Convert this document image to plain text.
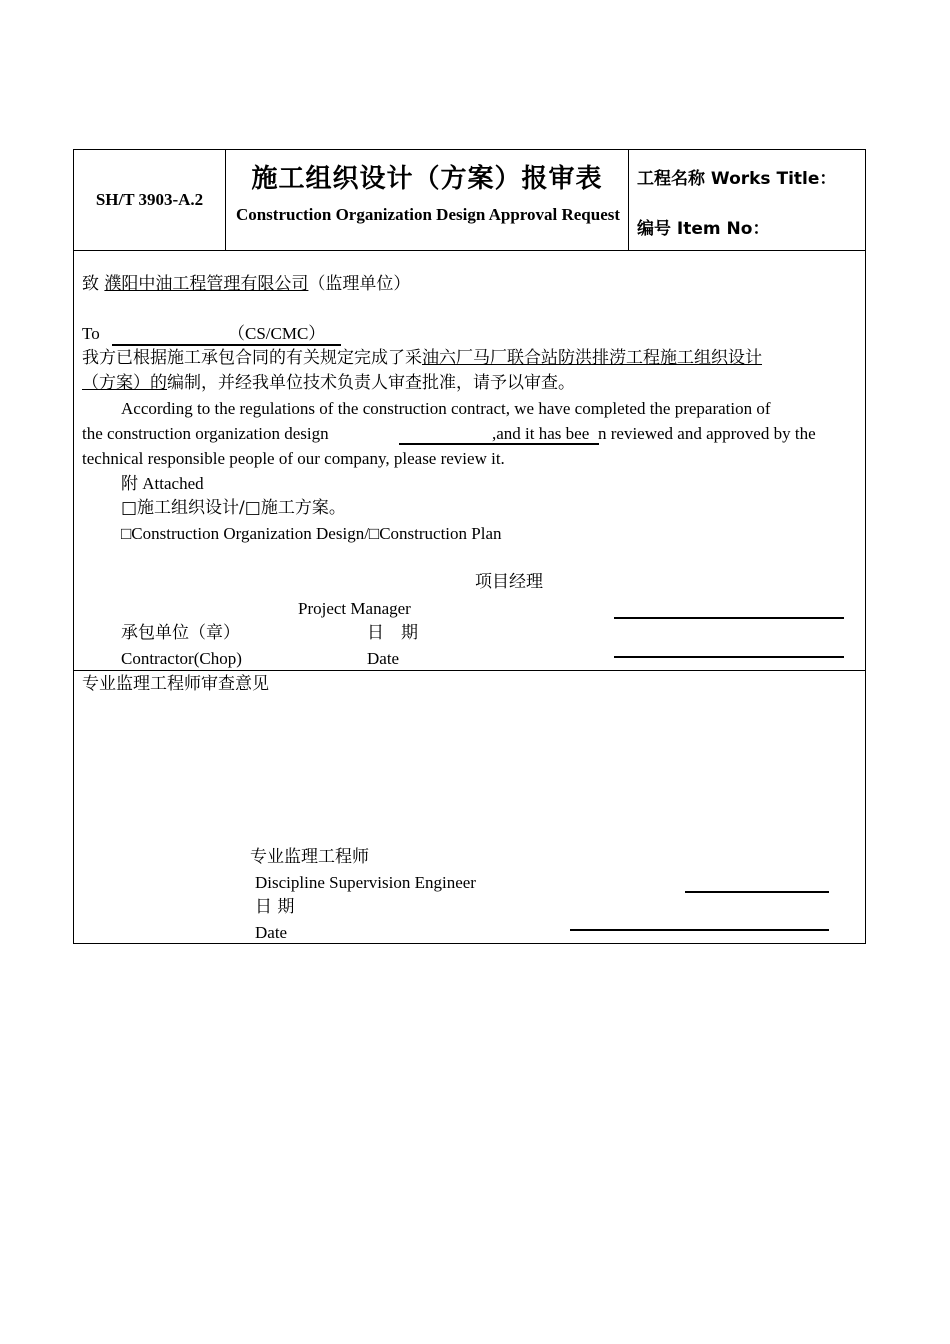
SH/T 3903-A.2
施工组织设计（方案）报审表
Construction Organization Design Approval Request
工程名称 Works Title：
编号 Item No：
致 濮阳中油工程管理有限公司（监理单位）
To	（CS/CMC）
我方已根据施工承包合同的有关规定完成了采油六厂马厂联合站防洪排涝工程施工组织设计
（方案）的编制，并经我单位技术负责人审查批准，请予以审查。
According to the regulations of the construction contract, we have completed the preparation of
the construction organization design	,and it has bee n reviewed and approved by the
technical responsible people of our company, please review it.
附 Attached
□施工组织设计/□施工方案。
□Construction Organization Design/□Construction Plan
项目经理
Project Manager
承包单位（章）	日　期
Contractor(Chop)	Date
专业监理工程师审查意见
专业监理工程师
Discipline Supervision Engineer
日 期
Date
